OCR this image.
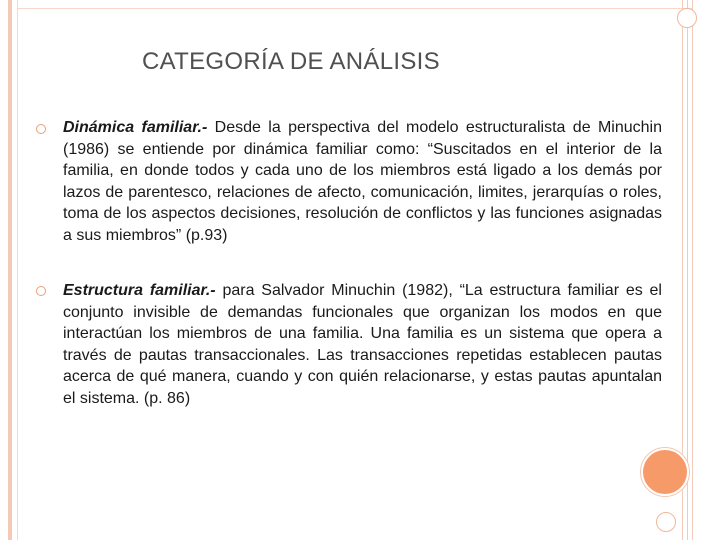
CATEGORÍA DE ANÁLISIS
Dinámica familiar.- Desde la perspectiva del modelo estructuralista de Minuchin (1986) se entiende por dinámica familiar como: “Suscitados en el interior de la familia, en donde todos y cada uno de los miembros está ligado a los demás por lazos de parentesco, relaciones de afecto, comunicación, limites, jerarquías o roles, toma de los aspectos decisiones, resolución de conflictos y las funciones asignadas a sus miembros” (p.93)
Estructura familiar.- para Salvador Minuchin (1982), “La estructura familiar es el conjunto invisible de demandas funcionales que organizan los modos en que interactúan los miembros de una familia. Una familia es un sistema que opera a través de pautas transaccionales. Las transacciones repetidas establecen pautas acerca de qué manera, cuando y con quién relacionarse, y estas pautas apuntalan el sistema. (p. 86)
